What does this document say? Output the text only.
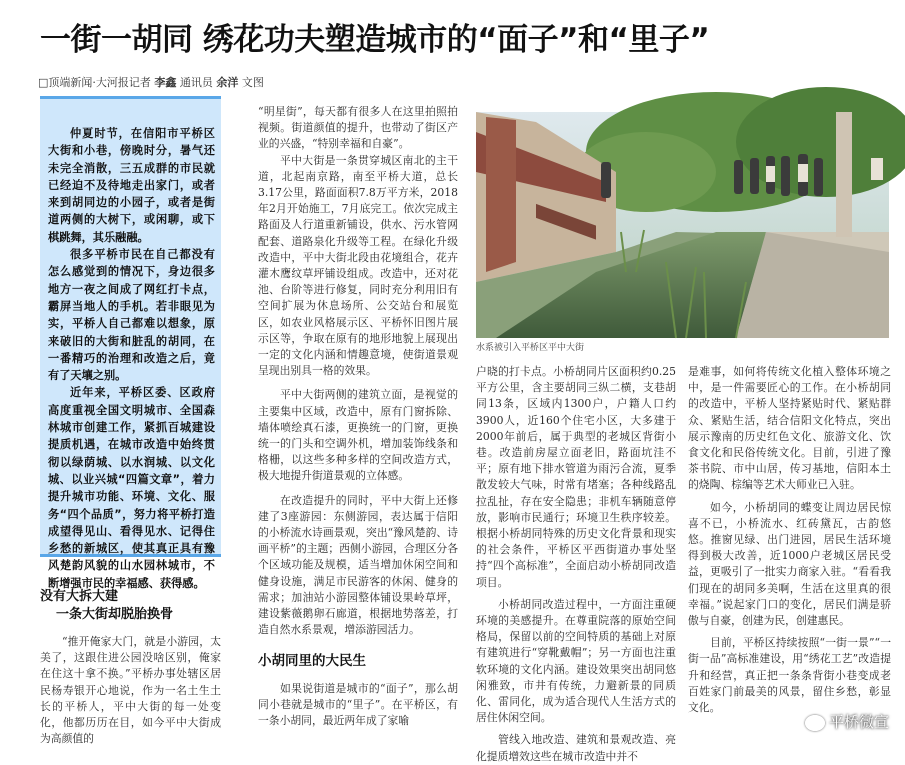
一街一胡同 绣花功夫塑造城市的“面子”和“里子”
□顶端新闻·大河报记者 李鑫 通讯员 余洋 文图

仲夏时节，在信阳市平桥区大街和小巷，傍晚时分，暑气还未完全消散，三五成群的市民就已经迫不及待地走出家门，或者来到胡同边的小园子，或者是街道两侧的大树下，或闲聊，或下棋跳舞，其乐融融。

很多平桥市民在自己都没有怎么感觉到的情况下，身边很多地方一夜之间成了网红打卡点，霸屏当地人的手机。若非眼见为实，平桥人自己都难以想象，原来破旧的大街和脏乱的胡同，在一番精巧的治理和改造之后，竟有了天壤之别。

近年来，平桥区委、区政府高度重视全国文明城市、全国森林城市创建工作，紧抓百城建设提质机遇，在城市改造中始终贯彻以绿荫城、以水润城、以文化城、以业兴城“四篇文章”，着力提升城市功能、环境、文化、服务“四个品质”，努力将平桥打造成望得见山、看得见水、记得住乡愁的新城区，使其真正具有豫风楚韵风貌的山水园林城市，不断增强市民的幸福感、获得感。

没有大拆大建
一条大街却脱胎换骨

“推开俺家大门，就是小游园，太美了，这跟住进公园没啥区别，俺家在住这十拿不换。”平桥办事处辖区居民杨寿银开心地说，作为一名土生土长的平桥人，平中大街的每一处变化，他都历历在目，如今平中大街成为高颜值的

“明星街”，每天都有很多人在这里拍照拍视频。街道颜值的提升，也带动了街区产业的兴盛，“特别幸福和自豪”。

平中大街是一条贯穿城区南北的主干道，北起南京路，南至平桥大道，总长3.17公里，路面面积7.8万平方米，2018年2月开始施工，7月底完工。依次完成主路面及人行道重新铺设，供水、污水管网配套、道路泉化升级等工程。在绿化升级改造中，平中大街北段由花境组合，花卉灌木鹰纹草坪铺设组成。改造中，还对花池、台阶等进行修复，同时充分利用旧有空间扩展为休息场所、公交站台和展览区，如农业风格展示区、平桥怀旧图片展示区等，争取在原有的地形地貌上展现出一定的文化内涵和情趣意境，使街道景观呈现出别具一格的效果。

平中大街两侧的建筑立面，是视觉的主要集中区域，改造中，原有门窗拆除、墙体喷绘真石漆，更换统一的门窗，更换统一的门头和空调外机，增加装饰线条和格栅，以这些多种多样的空间改造方式，极大地提升街道景观的立体感。

在改造提升的同时，平中大街上还修建了3座游园：东侧游园，表达属于信阳的小桥流水诗画景观，突出“豫风楚韵、诗画平桥”的主题；西侧小游园，合理区分各个区域功能及规模，适当增加休闲空间和健身设施，满足市民游客的休闲、健身的需求；加油站小游园整体铺设果岭草坪，建设紫薇鹅卵石廊道，根据地势落差，打造自然水系景观，增添游园活力。

小胡同里的大民生

如果说街道是城市的“面子”，那么胡同小巷就是城市的“里子”。在平桥区，有一条小胡同，最近两年成了家喻

水系被引入平桥区平中大街

户晓的打卡点。小桥胡同片区面积约0.25平方公里，含主要胡同三纵二横，支巷胡同13条，区域内1300户，户籍人口约3900人，近160个住宅小区，大多建于2000年前后，属于典型的老城区背街小巷。改造前房屋立面老旧，路面坑洼不平；原有地下排水管道为雨污合流，夏季散发较大气味，时常有堵塞；各种线路乱拉乱扯，存在安全隐患；非机车辆随意停放，影响市民通行；环境卫生秩序较差。根据小桥胡同特殊的历史文化背景和现实的社会条件，平桥区平西街道办事处坚持“四个高标准”，全面启动小桥胡同改造项目。

小桥胡同改造过程中，一方面注重硬环境的美感提升。在尊重院落的原始空间格局，保留以前的空间特质的基础上对原有建筑进行“穿靴戴帽”；另一方面也注重软环境的文化内涵。建设效果突出胡同悠闲雅致，市井有传统，力避新景的同质化、雷同化，成为适合现代人生活方式的居住休闲空间。

管线入地改造、建筑和景观改造、亮化提质增效这些在城市改造中并不

是难事，如何将传统文化植入整体环境之中，是一件需要匠心的工作。在小桥胡同的改造中，平桥人坚持紧贴时代、紧贴群众、紧贴生活，结合信阳文化特点，突出展示豫南的历史红色文化、旅游文化、饮食文化和民俗传统文化。目前，引进了豫茶书院、市中山居，传习基地，信阳本土的烧陶、棕编等艺术大师业已入驻。

如今，小桥胡同的蝶变让周边居民惊喜不已，小桥流水、红砖黛瓦，古韵悠悠。推窗见绿、出门进园，居民生活环境得到极大改善，近1000户老城区居民受益，更吸引了一批实力商家入驻。“看看我们现在的胡同多美啊，生活在这里真的很幸福。”说起家门口的变化，居民们满是骄傲与自豪，创建为民，创建惠民。

目前，平桥区持续按照“一街一景”“一街一品”高标准建设，用“绣花工艺”改造提升和经营，真正把一条条背街小巷变成老百姓家门前最美的风景，留住乡愁，彰显文化。

平桥微宣
